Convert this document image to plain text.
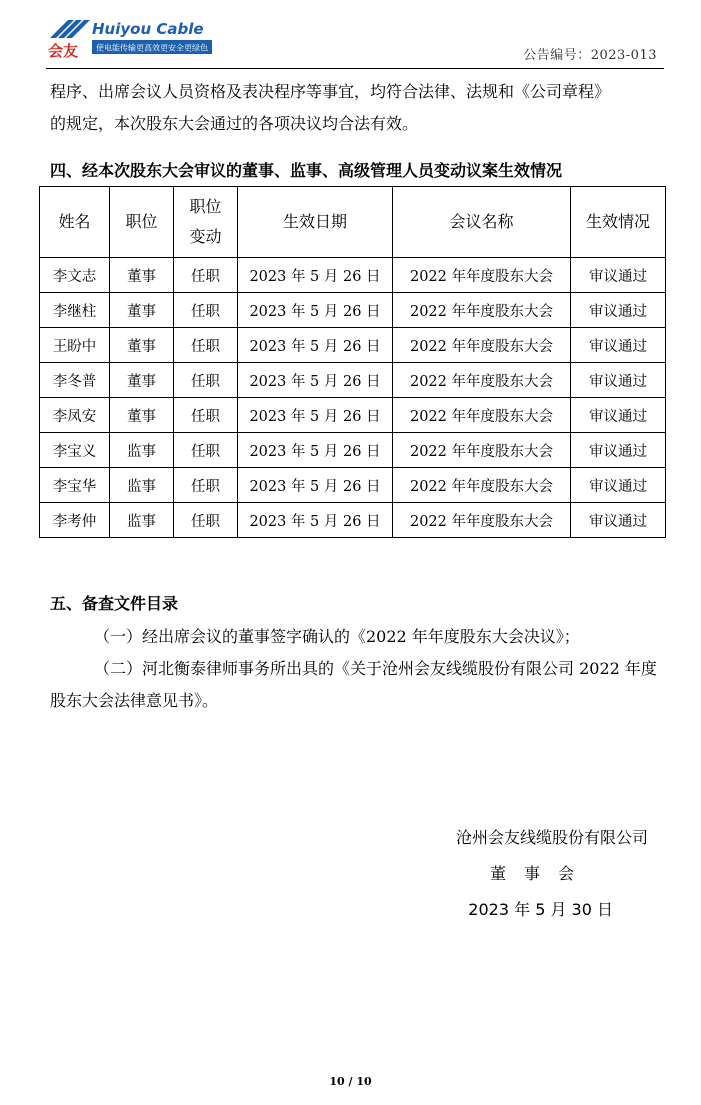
会友
Huiyou Cable
使电能传输更高效更安全更绿色	公告编号：2023-013
程序、出席会议人员资格及表决程序等事宜，均符合法律、法规和《公司章程》
的规定，本次股东大会通过的各项决议均合法有效。
四、经本次股东大会审议的董事、监事、高级管理人员变动议案生效情况
姓名	职位	职位变动	生效日期	会议名称	生效情况
李文志	董事	任职	2023 年 5 月 26 日	2022 年年度股东大会	审议通过
李继柱	董事	任职	2023 年 5 月 26 日	2022 年年度股东大会	审议通过
王盼中	董事	任职	2023 年 5 月 26 日	2022 年年度股东大会	审议通过
李冬普	董事	任职	2023 年 5 月 26 日	2022 年年度股东大会	审议通过
李凤安	董事	任职	2023 年 5 月 26 日	2022 年年度股东大会	审议通过
李宝义	监事	任职	2023 年 5 月 26 日	2022 年年度股东大会	审议通过
李宝华	监事	任职	2023 年 5 月 26 日	2022 年年度股东大会	审议通过
李考仲	监事	任职	2023 年 5 月 26 日	2022 年年度股东大会	审议通过
五、备查文件目录
（一）经出席会议的董事签字确认的《2022 年年度股东大会决议》；
（二）河北衡泰律师事务所出具的《关于沧州会友线缆股份有限公司 2022 年度股东大会法律意见书》。
沧州会友线缆股份有限公司
董事会
2023 年 5 月 30 日
10 / 10
